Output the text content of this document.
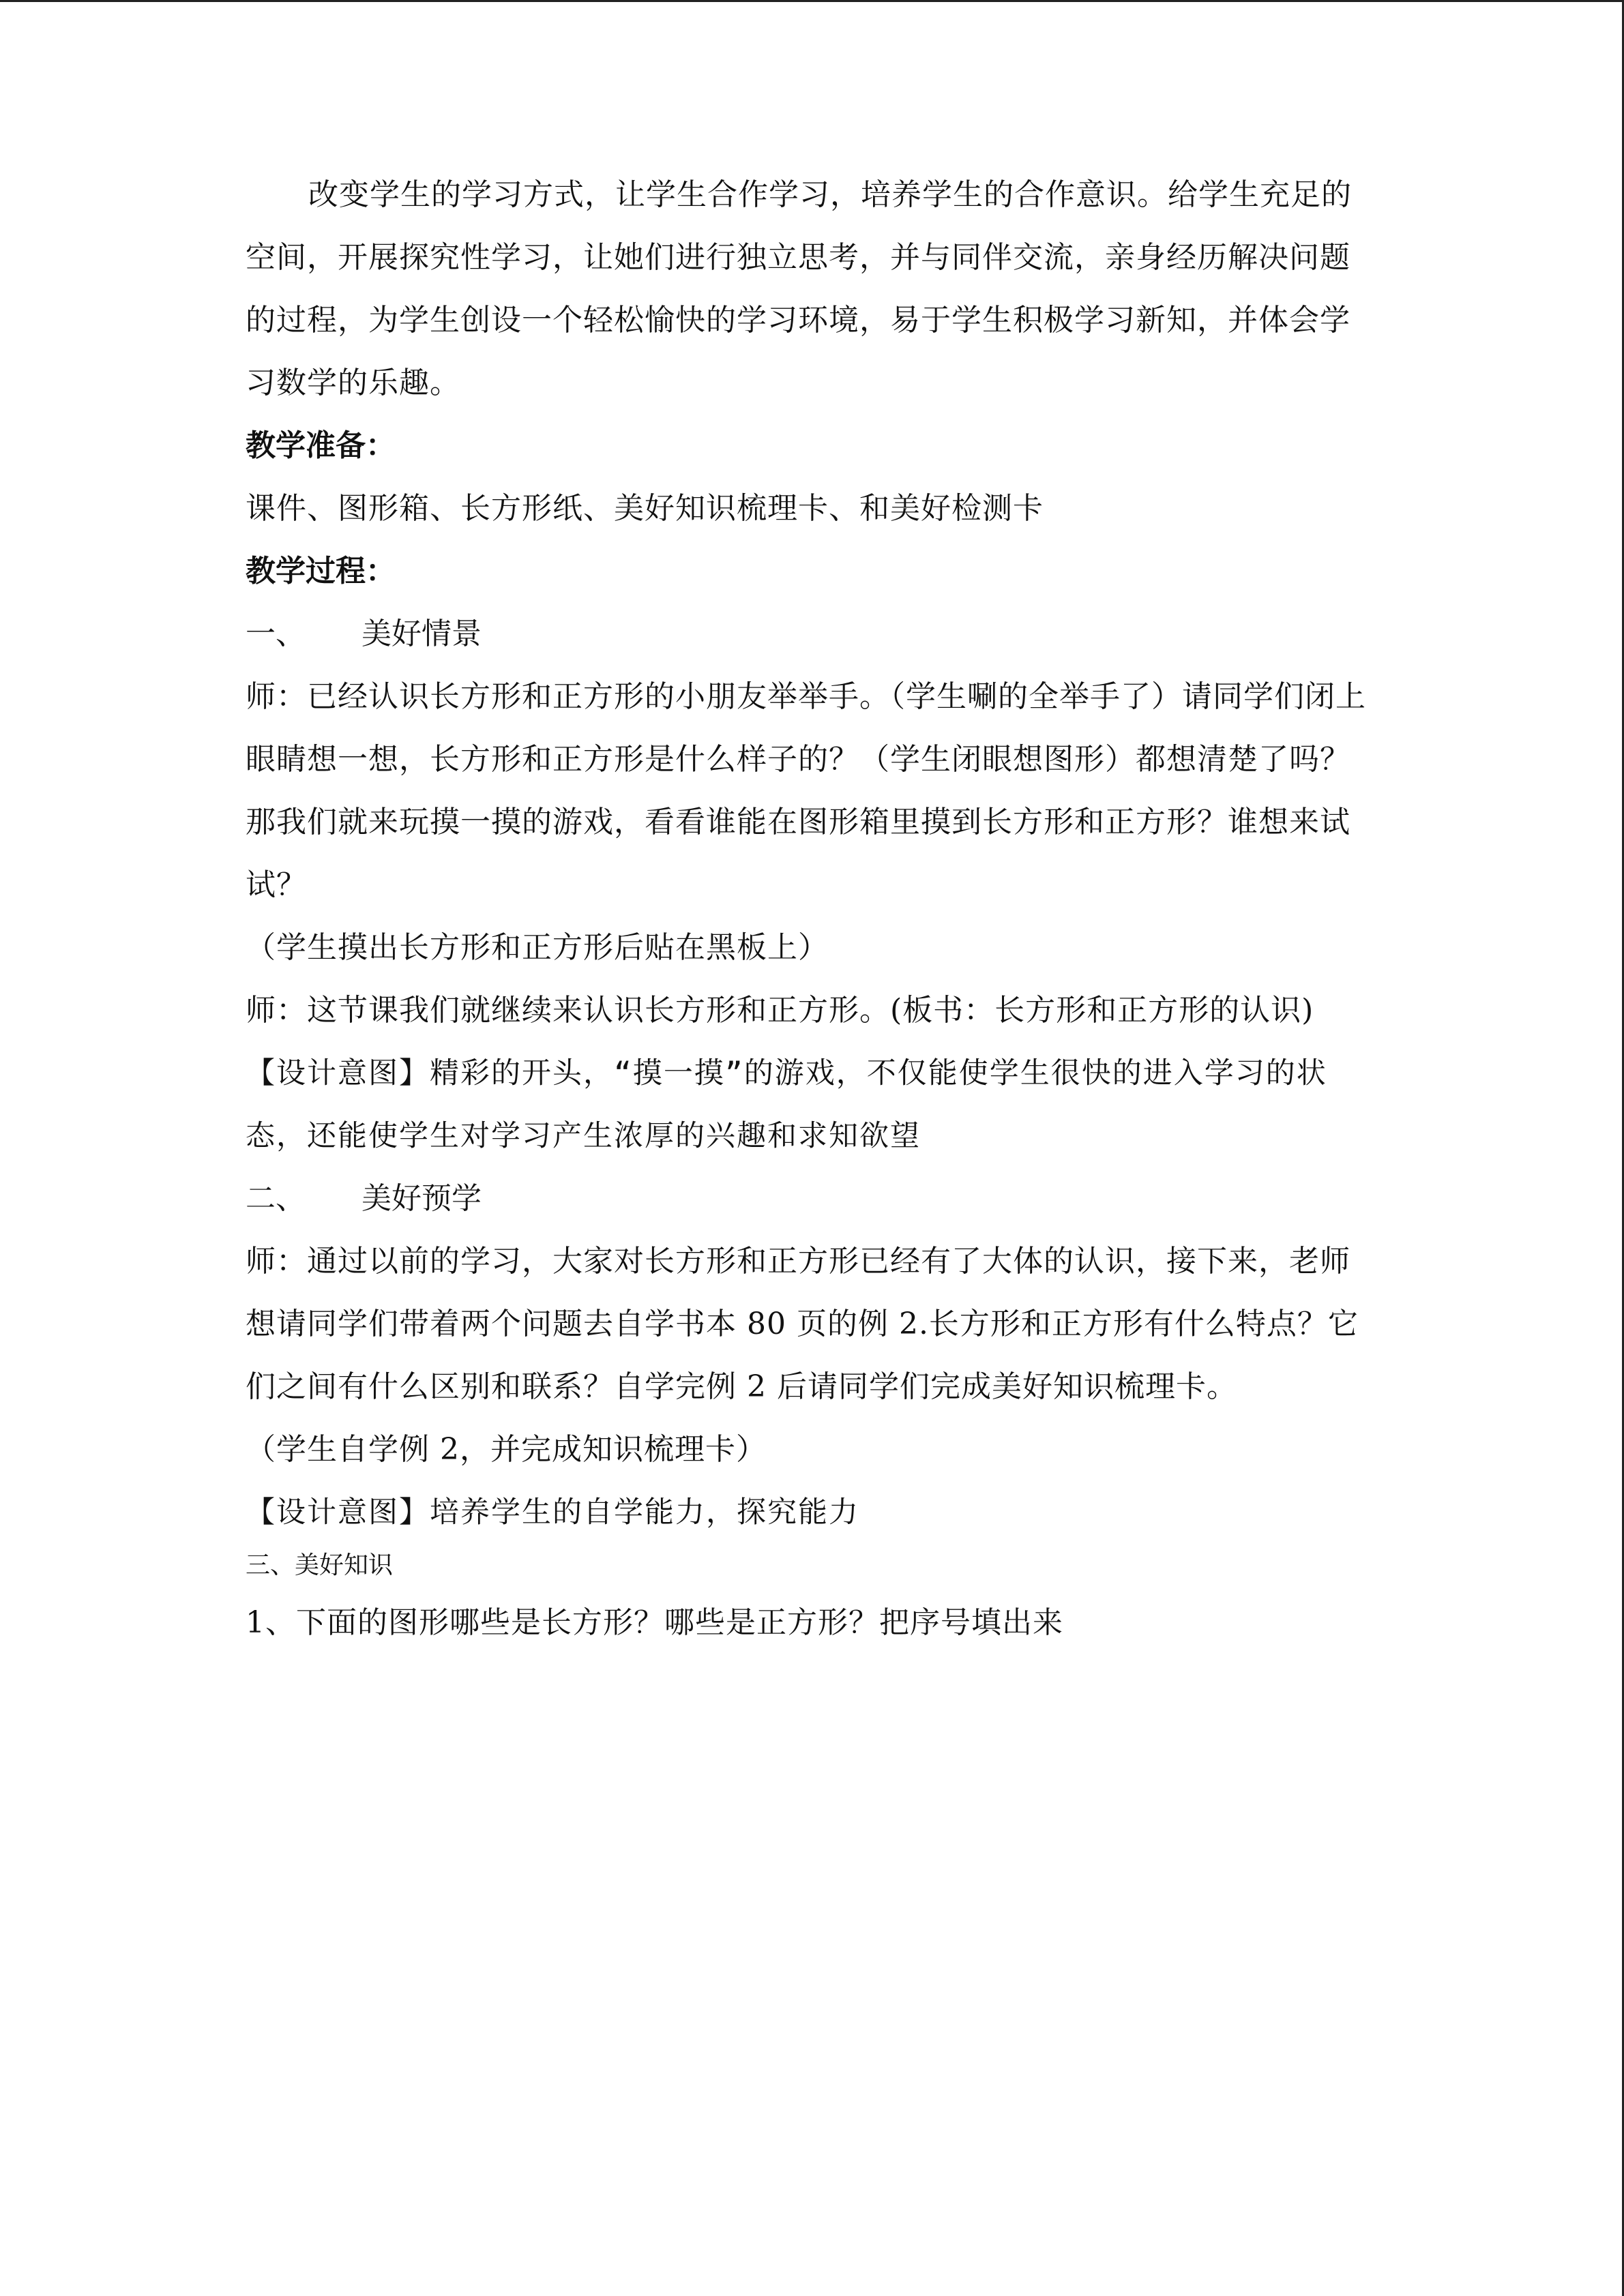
改变学生的学习方式，让学生合作学习，培养学生的合作意识。给学生充足的空间，开展探究性学习，让她们进行独立思考，并与同伴交流，亲身经历解决问题的过程，为学生创设一个轻松愉快的学习环境，易于学生积极学习新知，并体会学习数学的乐趣。

教学准备：

课件、图形箱、长方形纸、美好知识梳理卡、和美好检测卡

教学过程：

一、	美好情景

师：已经认识长方形和正方形的小朋友举举手。（学生唰的全举手了）请同学们闭上眼睛想一想，长方形和正方形是什么样子的？（学生闭眼想图形）都想清楚了吗？那我们就来玩摸一摸的游戏，看看谁能在图形箱里摸到长方形和正方形？谁想来试试？

（学生摸出长方形和正方形后贴在黑板上）

师：这节课我们就继续来认识长方形和正方形。(板书：长方形和正方形的认识)

【设计意图】精彩的开头，“摸一摸”的游戏，不仅能使学生很快的进入学习的状态，还能使学生对学习产生浓厚的兴趣和求知欲望

二、	美好预学

师：通过以前的学习，大家对长方形和正方形已经有了大体的认识，接下来，老师想请同学们带着两个问题去自学书本 80 页的例 2.长方形和正方形有什么特点？它们之间有什么区别和联系？自学完例 2 后请同学们完成美好知识梳理卡。

（学生自学例 2，并完成知识梳理卡）

【设计意图】培养学生的自学能力，探究能力

三、美好知识

1、下面的图形哪些是长方形？哪些是正方形？把序号填出来
